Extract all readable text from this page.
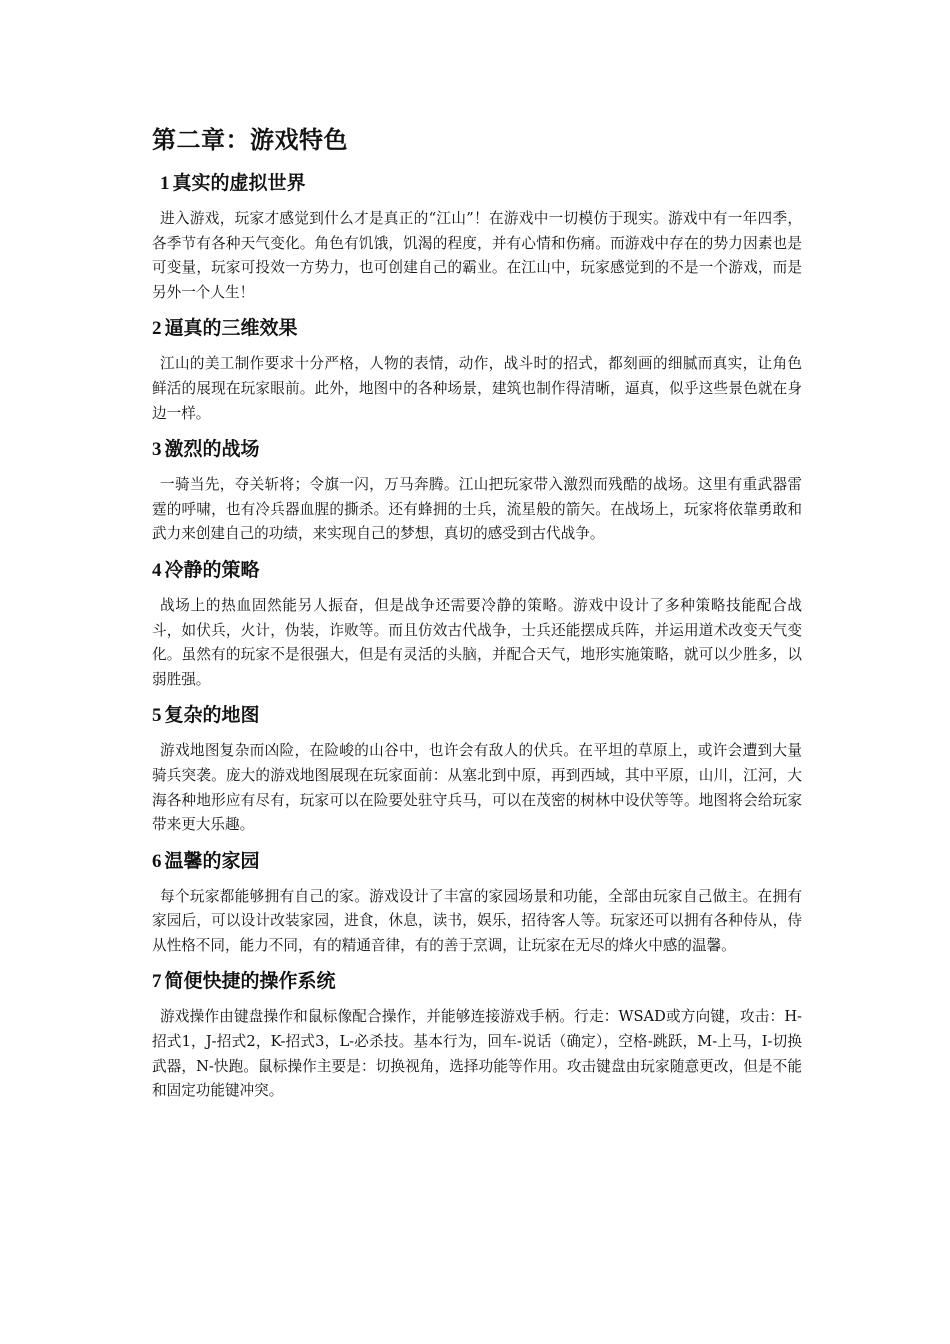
第二章：游戏特色
1 真实的虚拟世界

进入游戏，玩家才感觉到什么才是真正的“江山”！在游戏中一切模仿于现实。游戏中有一年四季，各季节有各种天气变化。角色有饥饿，饥渴的程度，并有心情和伤痛。而游戏中存在的势力因素也是可变量，玩家可投效一方势力，也可创建自己的霸业。在江山中，玩家感觉到的不是一个游戏，而是另外一个人生！

2 逼真的三维效果

江山的美工制作要求十分严格，人物的表情，动作，战斗时的招式，都刻画的细腻而真实，让角色鲜活的展现在玩家眼前。此外，地图中的各种场景，建筑也制作得清晰，逼真，似乎这些景色就在身边一样。

3 激烈的战场

一骑当先，夺关斩将；令旗一闪，万马奔腾。江山把玩家带入激烈而残酷的战场。这里有重武器雷霆的呼啸，也有冷兵器血腥的撕杀。还有蜂拥的士兵，流星般的箭矢。在战场上，玩家将依靠勇敢和武力来创建自己的功绩，来实现自己的梦想，真切的感受到古代战争。

4 冷静的策略

战场上的热血固然能另人振奋，但是战争还需要冷静的策略。游戏中设计了多种策略技能配合战斗，如伏兵，火计，伪装，诈败等。而且仿效古代战争，士兵还能摆成兵阵，并运用道术改变天气变化。虽然有的玩家不是很强大，但是有灵活的头脑，并配合天气，地形实施策略，就可以少胜多，以弱胜强。

5 复杂的地图

游戏地图复杂而凶险，在险峻的山谷中，也许会有敌人的伏兵。在平坦的草原上，或许会遭到大量骑兵突袭。庞大的游戏地图展现在玩家面前：从塞北到中原，再到西域，其中平原，山川，江河，大海各种地形应有尽有，玩家可以在险要处驻守兵马，可以在茂密的树林中设伏等等。地图将会给玩家带来更大乐趣。

6 温馨的家园

每个玩家都能够拥有自己的家。游戏设计了丰富的家园场景和功能，全部由玩家自己做主。在拥有家园后，可以设计改装家园，进食，休息，读书，娱乐，招待客人等。玩家还可以拥有各种侍从，侍从性格不同，能力不同，有的精通音律，有的善于烹调，让玩家在无尽的烽火中感的温馨。

7 简便快捷的操作系统

游戏操作由键盘操作和鼠标像配合操作，并能够连接游戏手柄。行走：WSAD或方向键，攻击：H-招式1，J-招式2，K-招式3，L-必杀技。基本行为，回车-说话（确定），空格-跳跃，M-上马，I-切换武器，N-快跑。鼠标操作主要是：切换视角，选择功能等作用。攻击键盘由玩家随意更改，但是不能和固定功能键冲突。
